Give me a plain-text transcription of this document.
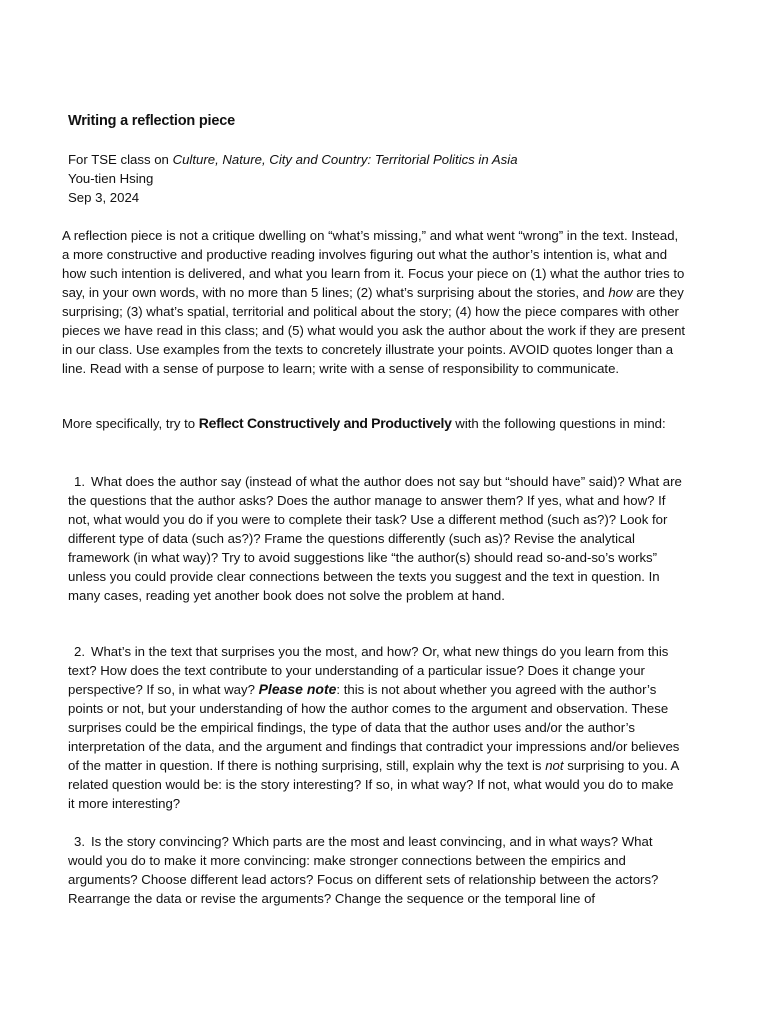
Writing a reflection piece
For TSE class on Culture, Nature, City and Country: Territorial Politics in Asia
You-tien Hsing
Sep 3, 2024

A reflection piece is not a critique dwelling on “what’s missing,” and what went “wrong” in the text. Instead, a more constructive and productive reading involves figuring out what the author’s intention is, what and how such intention is delivered, and what you learn from it. Focus your piece on (1) what the author tries to say, in your own words, with no more than 5 lines; (2) what’s surprising about the stories, and how are they surprising; (3) what’s spatial, territorial and political about the story; (4) how the piece compares with other pieces we have read in this class; and (5) what would you ask the author about the work if they are present in our class. Use examples from the texts to concretely illustrate your points. AVOID quotes longer than a line. Read with a sense of purpose to learn; write with a sense of responsibility to communicate.

More specifically, try to Reflect Constructively and Productively with the following questions in mind:

1. What does the author say (instead of what the author does not say but “should have” said)? What are the questions that the author asks? Does the author manage to answer them? If yes, what and how? If not, what would you do if you were to complete their task? Use a different method (such as?)? Look for different type of data (such as?)? Frame the questions differently (such as)? Revise the analytical framework (in what way)? Try to avoid suggestions like “the author(s) should read so-and-so’s works” unless you could provide clear connections between the texts you suggest and the text in question. In many cases, reading yet another book does not solve the problem at hand.

2. What’s in the text that surprises you the most, and how? Or, what new things do you learn from this text? How does the text contribute to your understanding of a particular issue? Does it change your perspective? If so, in what way? Please note: this is not about whether you agreed with the author’s points or not, but your understanding of how the author comes to the argument and observation. These surprises could be the empirical findings, the type of data that the author uses and/or the author’s interpretation of the data, and the argument and findings that contradict your impressions and/or believes of the matter in question. If there is nothing surprising, still, explain why the text is not surprising to you. A related question would be: is the story interesting? If so, in what way? If not, what would you do to make it more interesting?

3. Is the story convincing? Which parts are the most and least convincing, and in what ways? What would you do to make it more convincing: make stronger connections between the empirics and arguments? Choose different lead actors? Focus on different sets of relationship between the actors? Rearrange the data or revise the arguments? Change the sequence or the temporal line of
